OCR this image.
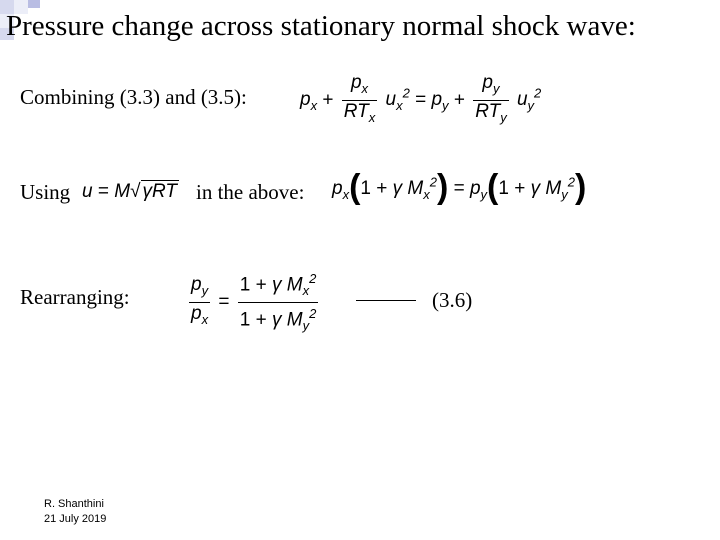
Pressure change across stationary normal shock wave:
Combining (3.3) and (3.5):	$p_x + \frac{p_x}{RT_x} u_x^2 = p_y + \frac{p_y}{RT_y} u_y^2$
Using u = M √ γRT in the above: $p_x(1 + \gamma$ $M_x^2) = p_y(1 + \gamma$ $M_y^2$)
Rearranging:	$\frac{p_y}{p_x} = \frac{1 + \gamma M_x^2}{1 + \gamma M_y^2}$	(3.6)
R. Shanthini
21 July 2019
